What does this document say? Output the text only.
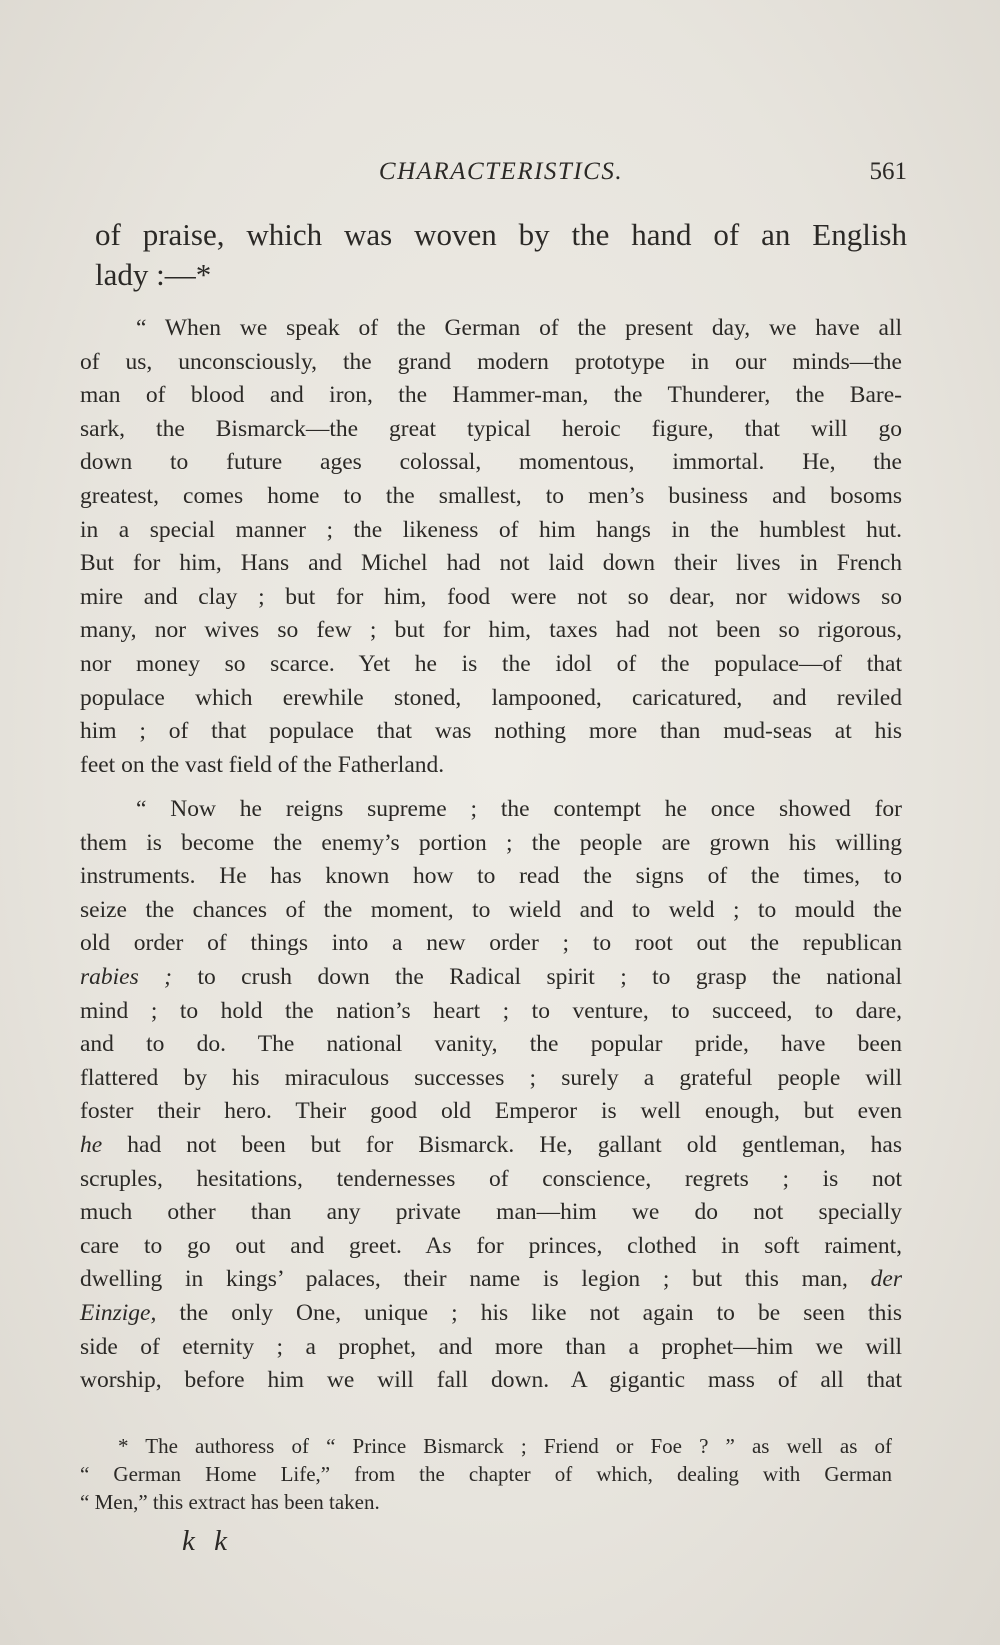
CHARACTERISTICS.	561

of praise, which was woven by the hand of an English
lady :—*

“ When we speak of the German of the present day, we have all
of us, unconsciously, the grand modern prototype in our minds—the
man of blood and iron, the Hammer-man, the Thunderer, the Bare-
sark, the Bismarck—the great typical heroic figure, that will go
down to future ages colossal, momentous, immortal. He, the
greatest, comes home to the smallest, to men’s business and bosoms
in a special manner ; the likeness of him hangs in the humblest hut.
But for him, Hans and Michel had not laid down their lives in French
mire and clay ; but for him, food were not so dear, nor widows so
many, nor wives so few ; but for him, taxes had not been so rigorous,
nor money so scarce. Yet he is the idol of the populace—of that
populace which erewhile stoned, lampooned, caricatured, and reviled
him ; of that populace that was nothing more than mud-seas at his
feet on the vast field of the Fatherland.

“ Now he reigns supreme ; the contempt he once showed for
them is become the enemy’s portion ; the people are grown his willing
instruments. He has known how to read the signs of the times, to
seize the chances of the moment, to wield and to weld ; to mould the
old order of things into a new order ; to root out the republican
rabies ; to crush down the Radical spirit ; to grasp the national
mind ; to hold the nation’s heart ; to venture, to succeed, to dare,
and to do. The national vanity, the popular pride, have been
flattered by his miraculous successes ; surely a grateful people will
foster their hero. Their good old Emperor is well enough, but even
he had not been but for Bismarck. He, gallant old gentleman, has
scruples, hesitations, tendernesses of conscience, regrets ; is not
much other than any private man—him we do not specially
care to go out and greet. As for princes, clothed in soft raiment,
dwelling in kings’ palaces, their name is legion ; but this man, der
Einzige, the only One, unique ; his like not again to be seen this
side of eternity ; a prophet, and more than a prophet—him we will
worship, before him we will fall down. A gigantic mass of all that

* The authoress of “ Prince Bismarck ; Friend or Foe ? ” as well as of
“ German Home Life,” from the chapter of which, dealing with German
“ Men,” this extract has been taken.

k k
